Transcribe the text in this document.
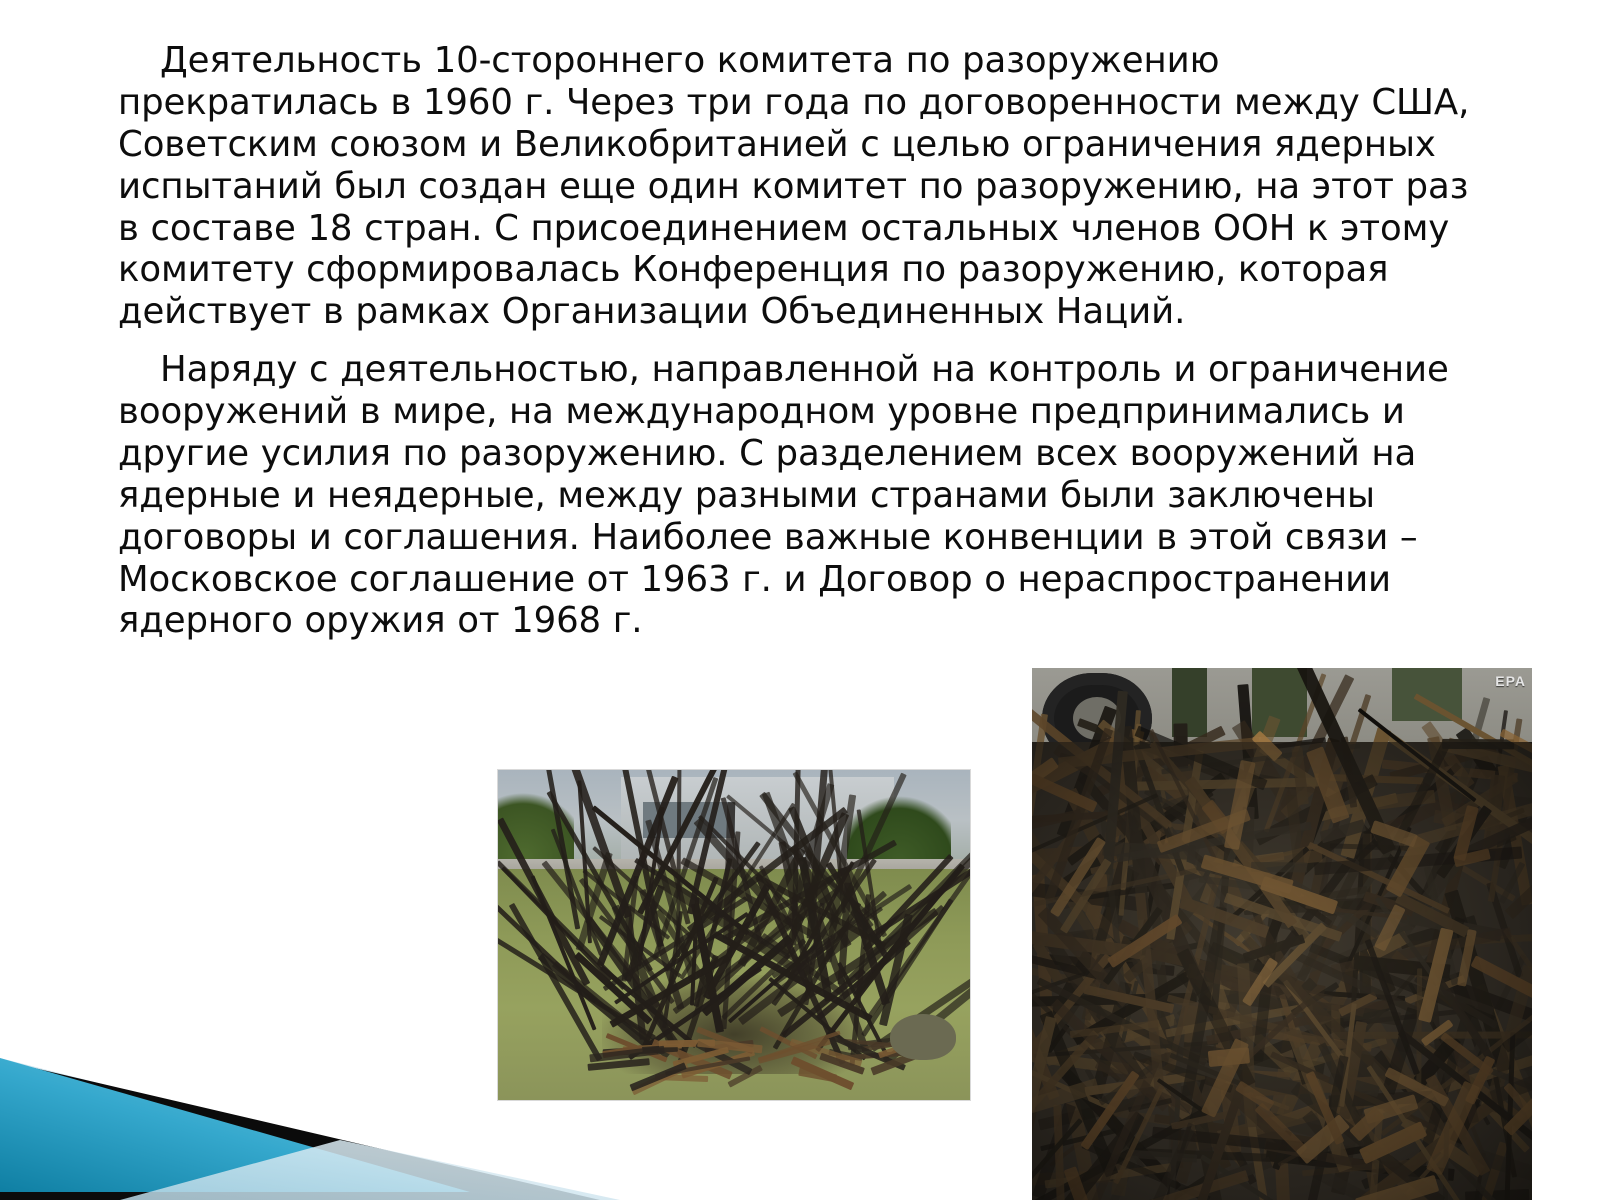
Деятельность 10-стороннего комитета по разоружению прекратилась в 1960 г. Через три года по договоренности между США, Советским союзом и Великобританией с целью ограничения ядерных испытаний был создан еще один комитет по разоружению, на этот раз в составе 18 стран. С присоединением остальных членов ООН к этому комитету сформировалась Конференция по разоружению, которая действует в рамках Организации Объединенных Наций.

Наряду с деятельностью, направленной на контроль и ограничение вооружений в мире, на международном уровне предпринимались и другие усилия по разоружению. С разделением всех вооружений на ядерные и неядерные, между разными странами были заключены договоры и соглашения. Наиболее важные конвенции в этой связи – Московское соглашение от 1963 г. и Договор о нераспространении ядерного оружия от 1968 г.

EPA
